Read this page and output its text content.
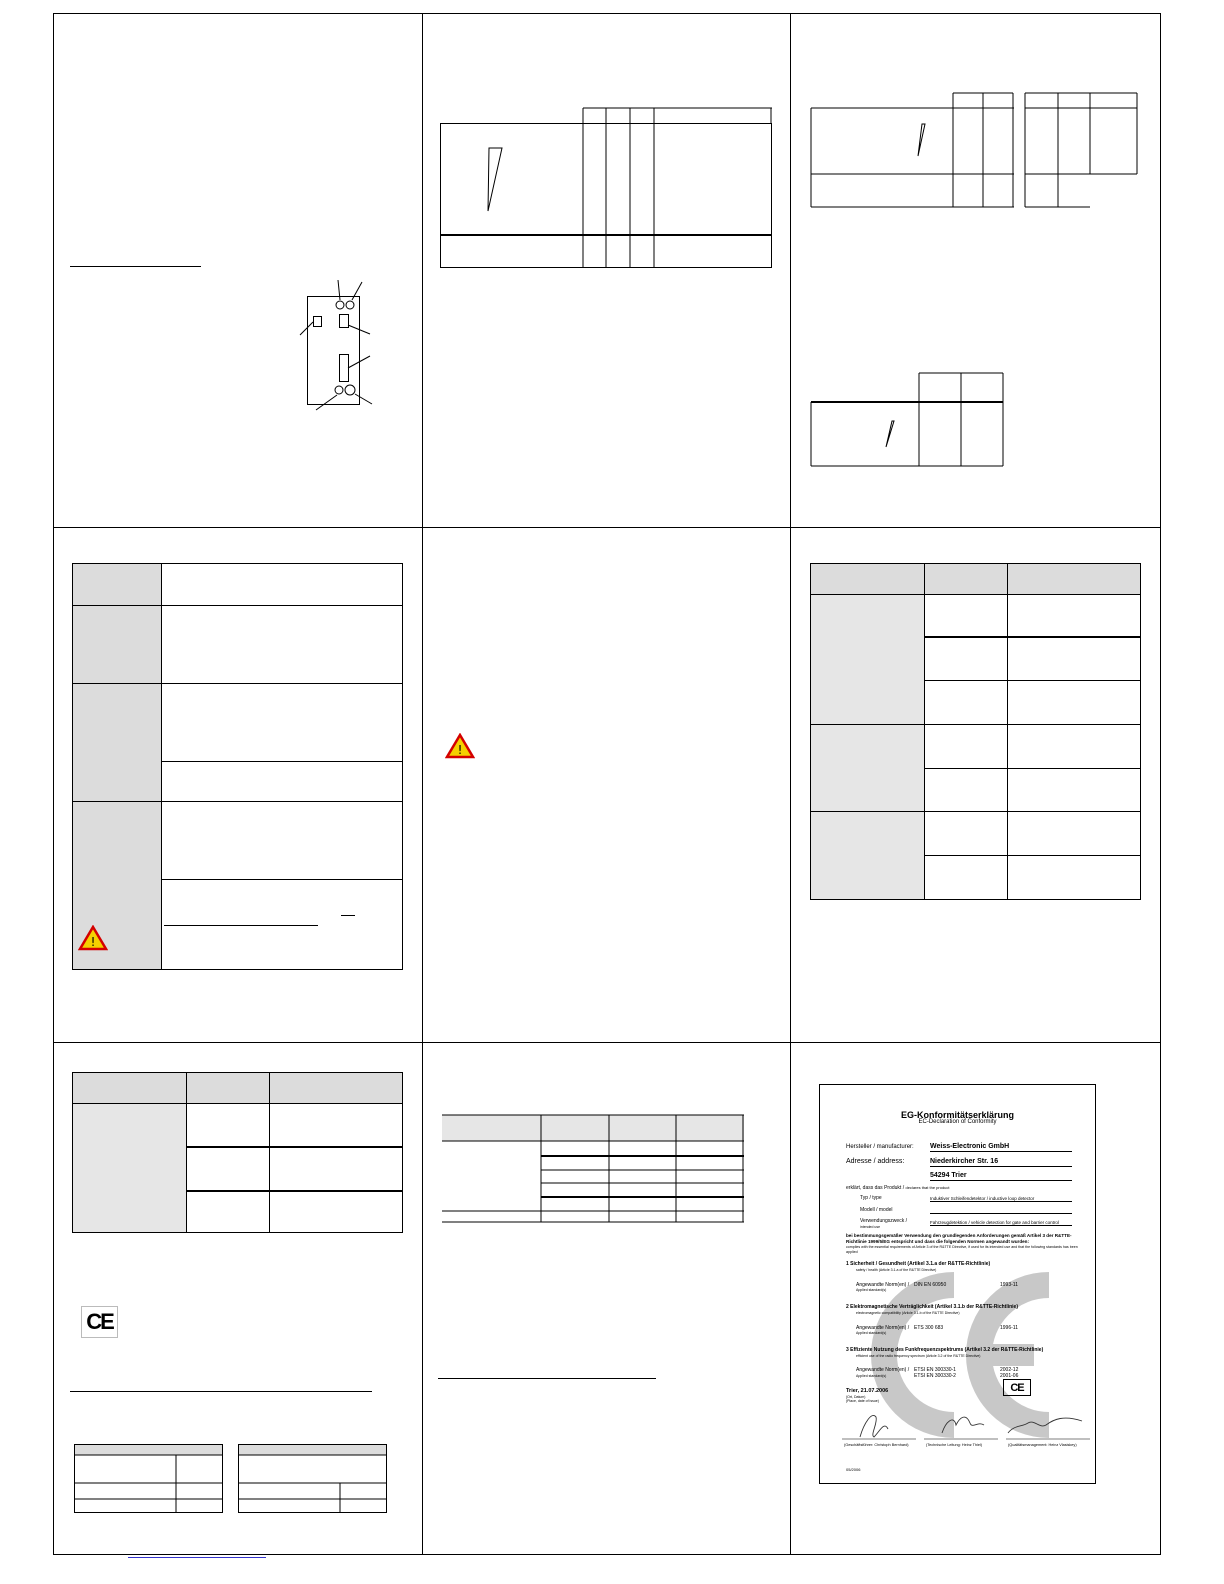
!
!
CE
EG-Konformitätserklärung
EC-Declaration of Conformity
Hersteller / manufacturer: Weiss-Electronic GmbH
Adresse / address:	Niederkircher Str. 16
54294 Trier
erklärt, dass das Produkt / declares that the product
Typ / type	Induktiver Schleifendetektor / inductive loop detector
Modell / model
Verwendungszweck /
intended use
Fahrzeugdetektion / vehicle detection for gate and barrier control
bei bestimmungsgemäßer Verwendung den grundlegenden Anforderungen gemäß Artikel 3 der R&TTE-Richtlinie 1999/5/EG entspricht und dass die folgenden Normen angewandt wurden:
complies with the essential requirements of Article 3 of the R&TTE Directive, if used for its intended use and that the following standards has been applied
1 Sicherheit / Gesundheit (Artikel 3.1.a der R&TTE-Richtlinie)
safety / health (Article 3.1.a of the R&TTE Directive)
Angewandte Norm(en) /
Applied standard(s)
DIN EN 60950	1993-11
2 Elektromagnetische Verträglichkeit (Artikel 3.1.b der R&TTE-Richtlinie)
electromagnetic compatibility (Article 3.1.b of the R&TTE Directive)
Angewandte Norm(en) /
Applied standard(s)
ETS 300 683	1996-11
3 Effiziente Nutzung des Funkfrequenzspektrums (Artikel 3.2 der R&TTE-Richtlinie)
efficient use of the radio frequency spectrum (Article 3.2 of the R&TTE Directive)
Angewandte Norm(en) /
Applied standard(s)
ETSI EN 300330-1	2002-12
ETSI EN 300330-2	2001-06
CE
Trier, 21.07.2006
(Ort, Datum)
(Place, date of issue)
(Geschäftsführer: Christoph Bernhard)	(Technische Leitung: Heinz Thiel)	(Qualitätsmanagement: Heinz Vlasiskey)
05/2006
